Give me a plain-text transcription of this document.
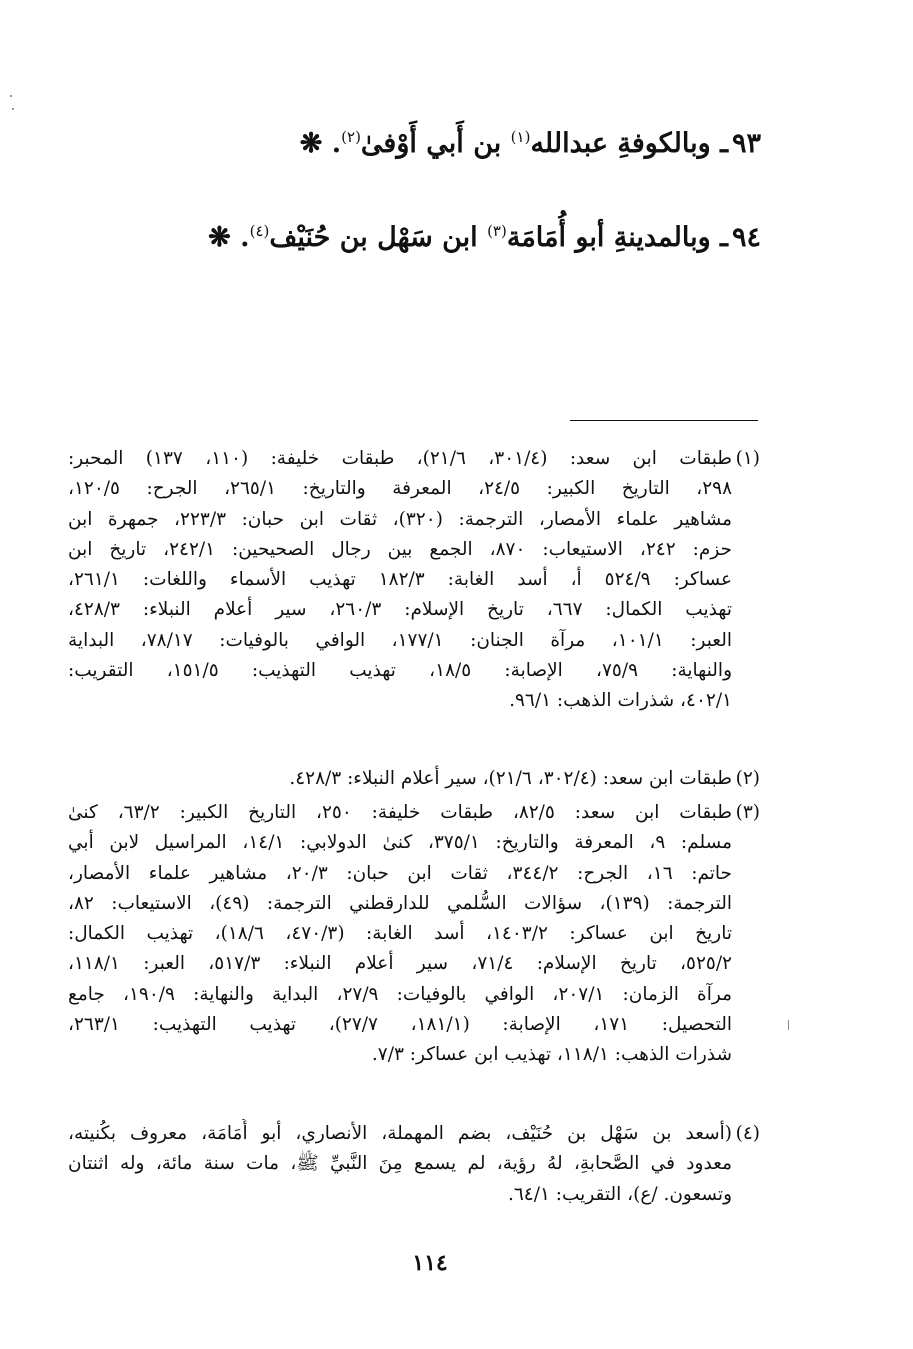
٩٣ـ وبالكوفةِ عبدالله$^{(١)}$ بن أَبي أَوْفىٰ$^{(٢)}$. ❋
٩٤ـ وبالمدينةِ أبو أُمَامَة$^{(٣)}$ ابن سَهْل بن حُنَيْف$^{(٤)}$. ❋
(١)
طبقات ابن سعد: (٣٠١/٤، ٢١/٦)، طبقات خليفة: (١١٠، ١٣٧) المحبر:
٢٩٨، التاريخ الكبير: ٢٤/٥، المعرفة والتاريخ: ٢٦٥/١، الجرح: ١٢٠/٥،
مشاهير علماء الأمصار، الترجمة: (٣٢٠)، ثقات ابن حبان: ٢٢٣/٣، جمهرة ابن
حزم: ٢٤٢، الاستيعاب: ٨٧٠، الجمع بين رجال الصحيحين: ٢٤٢/١، تاريخ ابن
عساكر: ٥٢٤/٩ أ، أسد الغابة: ١٨٢/٣ تهذيب الأسماء واللغات: ٢٦١/١،
تهذيب الكمال: ٦٦٧، تاريخ الإسلام: ٢٦٠/٣، سير أعلام النبلاء: ٤٢٨/٣،
العبر: ١٠١/١، مرآة الجنان: ١٧٧/١، الوافي بالوفيات: ٧٨/١٧، البداية
والنهاية: ٧٥/٩، الإصابة: ١٨/٥، تهذيب التهذيب: ١٥١/٥، التقريب:
٤٠٢/١، شذرات الذهب: ٩٦/١.
(٢)
طبقات ابن سعد: (٣٠٢/٤، ٢١/٦)، سير أعلام النبلاء: ٤٢٨/٣.
(٣)
طبقات ابن سعد: ٨٢/٥، طبقات خليفة: ٢٥٠، التاريخ الكبير: ٦٣/٢، كنىٰ
مسلم: ٩، المعرفة والتاريخ: ٣٧٥/١، كنىٰ الدولابي: ١٤/١، المراسيل لابن أبي
حاتم: ١٦، الجرح: ٣٤٤/٢، ثقات ابن حبان: ٢٠/٣، مشاهير علماء الأمصار،
الترجمة: (١٣٩)، سؤالات السُّلمي للدارقطني الترجمة: (٤٩)، الاستيعاب: ٨٢،
تاريخ ابن عساكر: ١٤٠٣/٢، أسد الغابة: (٤٧٠/٣، ١٨/٦)، تهذيب الكمال:
٥٢٥/٢، تاريخ الإسلام: ٧١/٤، سير أعلام النبلاء: ٥١٧/٣، العبر: ١١٨/١،
مرآة الزمان: ٢٠٧/١، الوافي بالوفيات: ٢٧/٩، البداية والنهاية: ١٩٠/٩، جامع
التحصيل: ١٧١، الإصابة: (١٨١/١، ٢٧/٧)، تهذيب التهذيب: ٢٦٣/١،
شذرات الذهب: ١١٨/١، تهذيب ابن عساكر: ٧/٣.
(٤)
(أسعد بن سَهْل بن حُنَيْف، بضم المهملة، الأنصاري، أبو أُمَامَة، معروف بكُنيته،
معدود في الصَّحابةِ، لهُ رؤية، لم يسمع مِنَ النَّبيِّ ﷺ، مات سنة مائة، وله اثنتان
وتسعون. /ع)، التقريب: ٦٤/١.
١١٤
